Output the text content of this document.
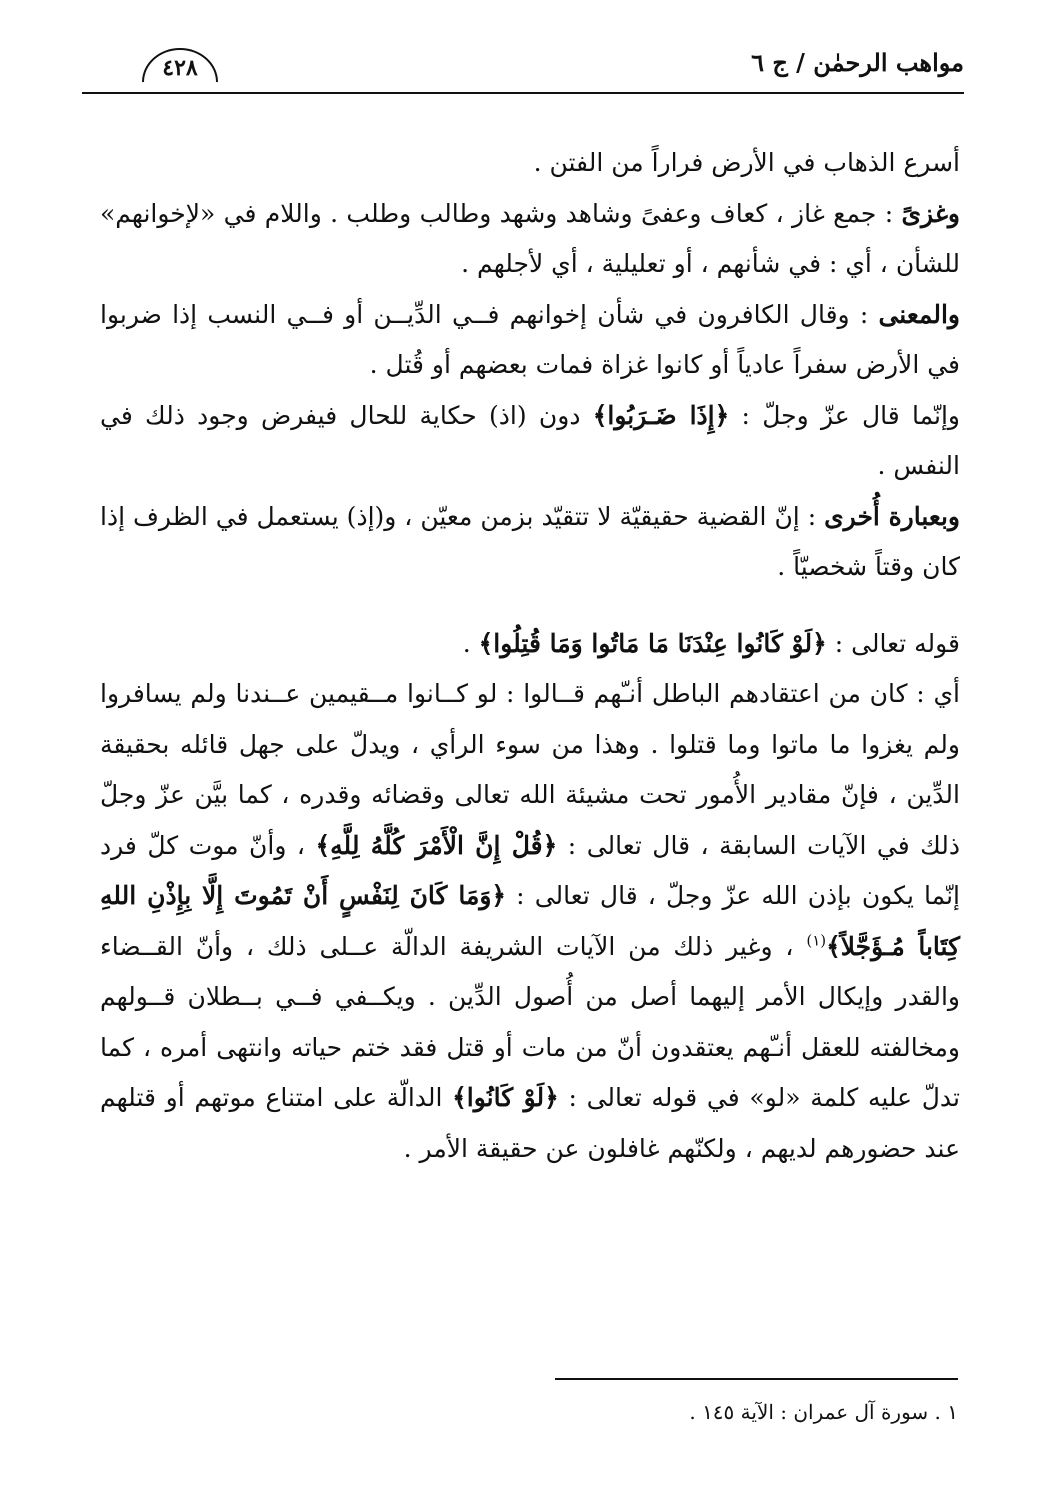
مواهب الرحمٰن / ج ٦
٤٢٨

أسرع الذهاب في الأرض فراراً من الفتن .

وغزىً : جمع غاز ، كعاف وعفىً وشاهد وشهد وطالب وطلب . واللام في «لإخوانهم» للشأن ، أي : في شأنهم ، أو تعليلية ، أي لأجلهم .

والمعنى : وقال الكافرون في شأن إخوانهم فــي الدِّيــن أو فــي النسب إذا ضربوا في الأرض سفراً عادياً أو كانوا غزاة فمات بعضهم أو قُتل .

وإنّما قال عزّ وجلّ : ﴿إِذَا ضَـرَبُوا﴾ دون (اذ) حكاية للحال فيفرض وجود ذلك في النفس .

وبعبارة أُخرى : إنّ القضية حقيقيّة لا تتقيّد بزمن معيّن ، و(إذ) يستعمل في الظرف إذا كان وقتاً شخصيّاً .

قوله تعالى : ﴿لَوْ كَانُوا عِنْدَنَا مَا مَاتُوا وَمَا قُتِلُوا﴾ .

أي : كان من اعتقادهم الباطل أنـّهم قــالوا : لو كــانوا مــقيمين عــندنا ولم يسافروا ولم يغزوا ما ماتوا وما قتلوا . وهذا من سوء الرأي ، ويدلّ على جهل قائله بحقيقة الدِّين ، فإنّ مقادير الأُمور تحت مشيئة الله تعالى وقضائه وقدره ، كما بيَّن عزّ وجلّ ذلك في الآيات السابقة ، قال تعالى : ﴿قُلْ إِنَّ الْأَمْرَ كُلَّهُ لِلَّهِ﴾ ، وأنّ موت كلّ فرد إنّما يكون بإذن الله عزّ وجلّ ، قال تعالى : ﴿وَمَا كَانَ لِنَفْسٍ أَنْ تَمُوتَ إِلَّا بِإِذْنِ اللهِ كِتَاباً مُـؤَجَّلاً﴾$^{(١)}$ ، وغير ذلك من الآيات الشريفة الدالّة عــلى ذلك ، وأنّ القــضاء والقدر وإيكال الأمر إليهما أصل من أُصول الدِّين . ويكــفي فــي بــطلان قــولهم ومخالفته للعقل أنـّهم يعتقدون أنّ من مات أو قتل فقد ختم حياته وانتهى أمره ، كما تدلّ عليه كلمة «لو» في قوله تعالى : ﴿لَوْ كَانُوا﴾ الدالّة على امتناع موتهم أو قتلهم عند حضورهم لديهم ، ولكنّهم غافلون عن حقيقة الأمر .

١ . سورة آل عمران : الآية ١٤٥ .
